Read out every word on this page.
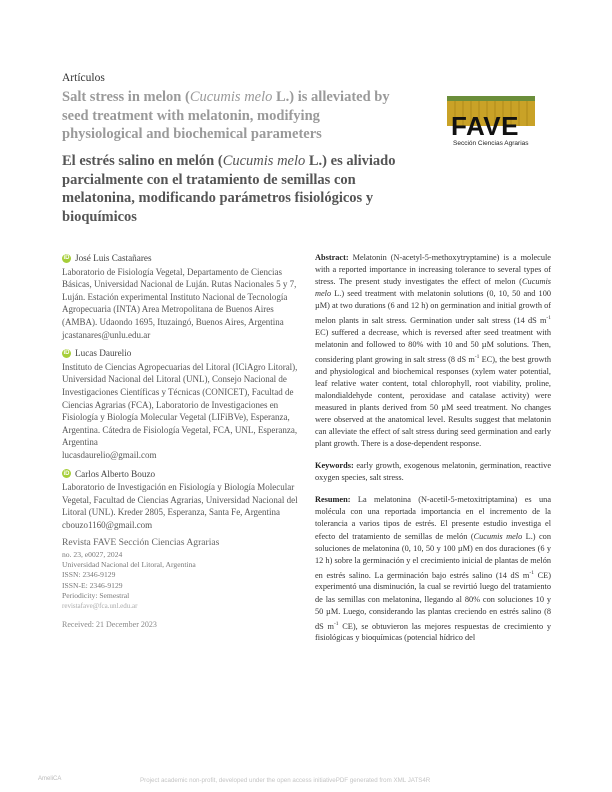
Artículos
Salt stress in melon (Cucumis melo L.) is alleviated by seed treatment with melatonin, modifying physiological and biochemical parameters
El estrés salino en melón (Cucumis melo L.) es aliviado parcialmente con el tratamiento de semillas con melatonina, modificando parámetros fisiológicos y bioquímicos
FAVE
Sección Ciencias Agrarias
iD José Luis Castañares
Laboratorio de Fisiología Vegetal, Departamento de Ciencias Básicas, Universidad Nacional de Luján. Rutas Nacionales 5 y 7, Luján. Estación experimental Instituto Nacional de Tecnología Agropecuaria (INTA) Area Metropolitana de Buenos Aires (AMBA). Udaondo 1695, Ituzaingó, Buenos Aires, Argentina
jcastanares@unlu.edu.ar
iD Lucas Daurelio
Instituto de Ciencias Agropecuarias del Litoral (ICiAgro Litoral), Universidad Nacional del Litoral (UNL), Consejo Nacional de Investigaciones Científicas y Técnicas (CONICET), Facultad de Ciencias Agrarias (FCA), Laboratorio de Investigaciones en Fisiología y Biología Molecular Vegetal (LIFiBVe), Esperanza, Argentina. Cátedra de Fisiología Vegetal, FCA, UNL, Esperanza, Argentina
lucasdaurelio@gmail.com
iD Carlos Alberto Bouzo
Laboratorio de Investigación en Fisiología y Biología Molecular Vegetal, Facultad de Ciencias Agrarias, Universidad Nacional del Litoral (UNL). Kreder 2805, Esperanza, Santa Fe, Argentina
cbouzo1160@gmail.com
Revista FAVE Sección Ciencias Agrarias
no. 23, e0027, 2024
Universidad Nacional del Litoral, Argentina
ISSN: 2346-9129
ISSN-E: 2346-9129
Periodicity: Semestral
revistafave@fca.unl.edu.ar
Received: 21 December 2023

Abstract: Melatonin (N-acetyl-5-methoxytryptamine) is a molecule with a reported importance in increasing tolerance to several types of stress. The present study investigates the effect of melon (Cucumis melo L.) seed treatment with melatonin solutions (0, 10, 50 and 100 µM) at two durations (6 and 12 h) on germination and initial growth of melon plants in salt stress. Germination under salt stress (14 dS $m^{-1}$ EC) suffered a decrease, which is reversed after seed treatment with melatonin and followed to 80% with 10 and 50 µM solutions. Then, considering plant growing in salt stress (8 dS $m^{-1}$ EC), the best growth and physiological and biochemical responses (xylem water potential, leaf relative water content, total chlorophyll, root viability, proline, malondialdehyde content, peroxidase and catalase activity) were measured in plants derived from 50 µM seed treatment. No changes were observed at the anatomical level. Results suggest that melatonin can alleviate the effect of salt stress during seed germination and early plant growth. There is a dose-dependent response.

Keywords: early growth, exogenous melatonin, germination, reactive oxygen species, salt stress.

Resumen: La melatonina (N-acetil-5-metoxitriptamina) es una molécula con una reportada importancia en el incremento de la tolerancia a varios tipos de estrés. El presente estudio investiga el efecto del tratamiento de semillas de melón (Cucumis melo L.) con soluciones de melatonina (0, 10, 50 y 100 µM) en dos duraciones (6 y 12 h) sobre la germinación y el crecimiento inicial de plantas de melón en estrés salino. La germinación bajo estrés salino (14 dS $m^{-1}$ CE) experimentó una disminución, la cual se revirtió luego del tratamiento de las semillas con melatonina, llegando al 80% con soluciones 10 y 50 µM. Luego, considerando las plantas creciendo en estrés salino (8 dS $m^{-1}$ CE), se obtuvieron las mejores respuestas de crecimiento y fisiológicas y bioquímicas (potencial hídrico del

AmeliCA	Project academic non-profit, developed under the open access initiativePDF generated from XML JATS4R
